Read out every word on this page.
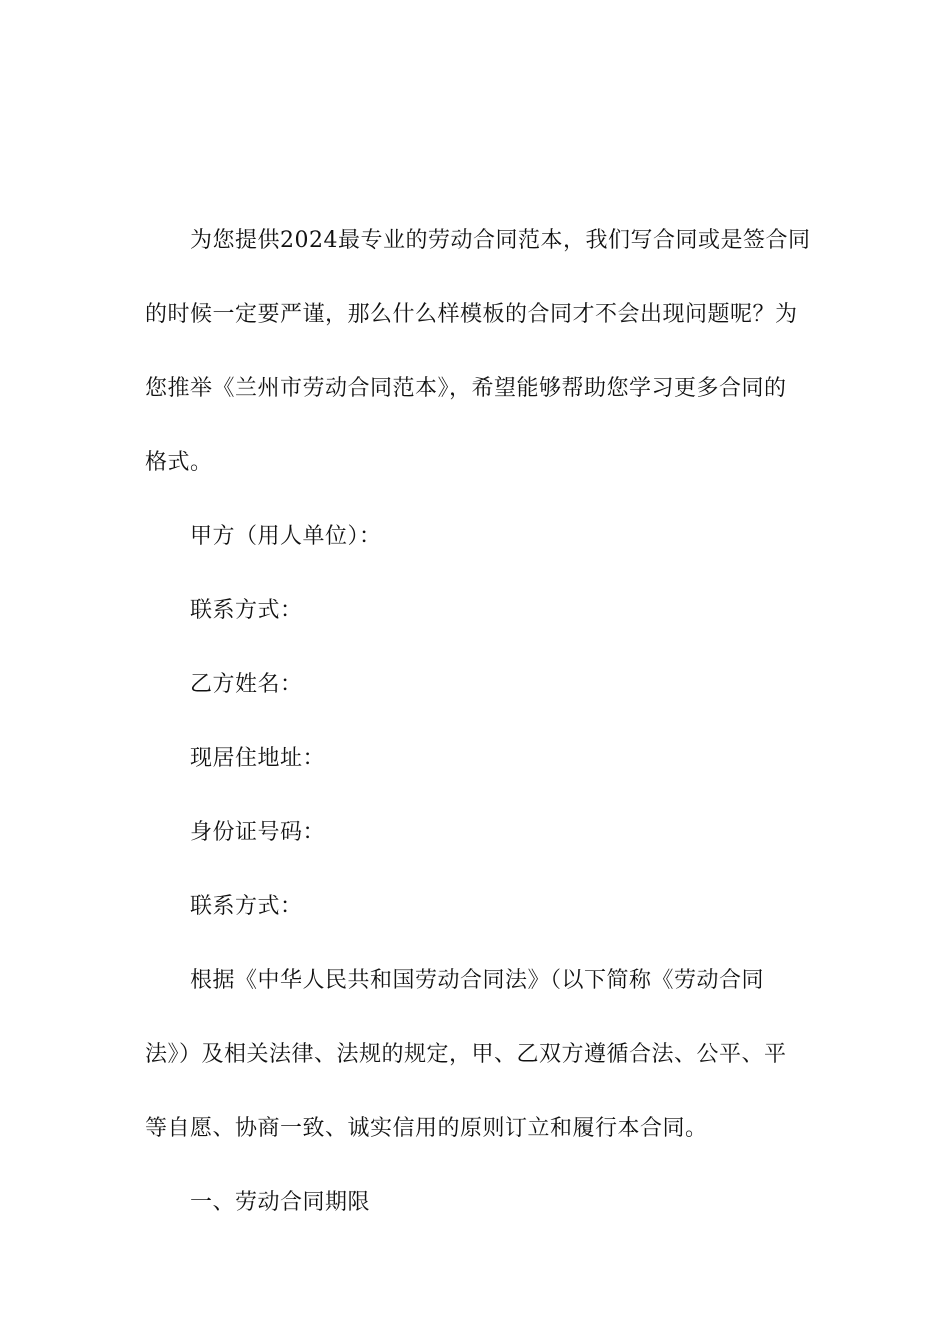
为您提供2024最专业的劳动合同范本，我们写合同或是签合同
的时候一定要严谨，那么什么样模板的合同才不会出现问题呢？为
您推举《兰州市劳动合同范本》，希望能够帮助您学习更多合同的
格式。
甲方（用人单位）：
联系方式：
乙方姓名：
现居住地址：
身份证号码：
联系方式：
根据《中华人民共和国劳动合同法》（以下简称《劳动合同
法》）及相关法律、法规的规定，甲、乙双方遵循合法、公平、平
等自愿、协商一致、诚实信用的原则订立和履行本合同。
一、劳动合同期限
